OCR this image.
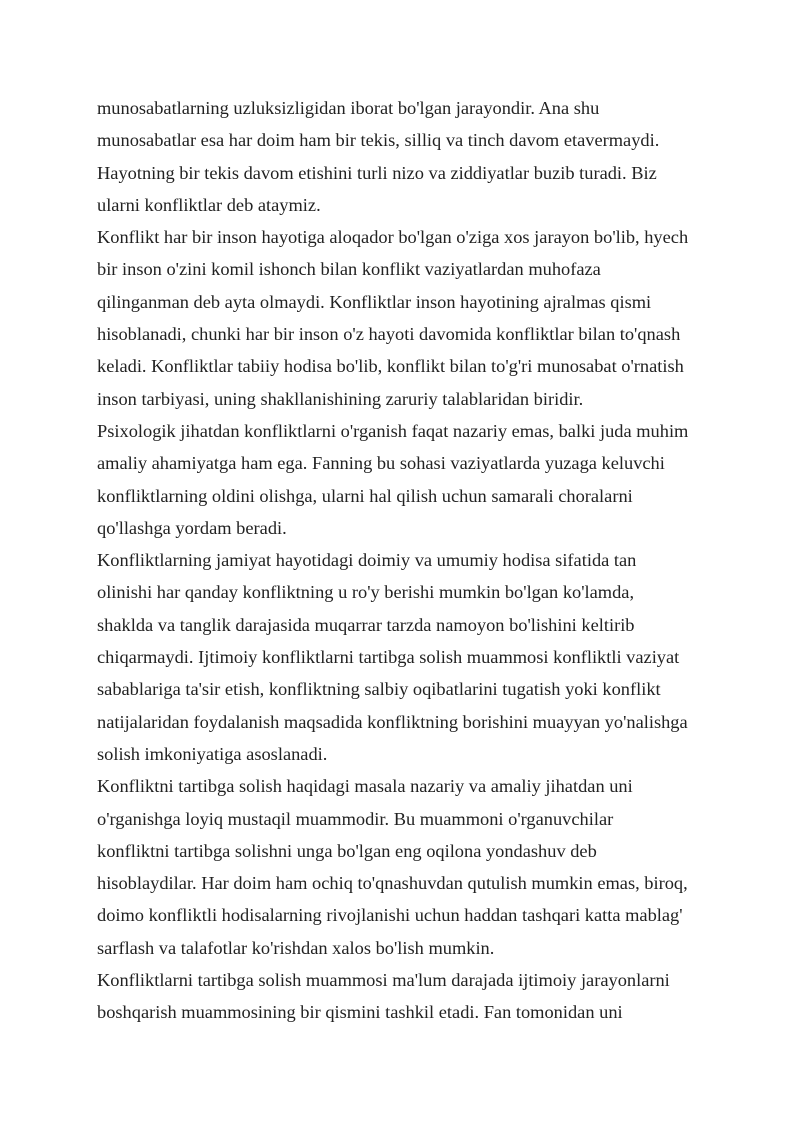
munosabatlarning uzluksizligidan iborat bo'lgan jarayondir. Ana shu
munosabatlar esa har doim ham bir tekis, silliq va tinch davom etavermaydi.
Hayotning bir tekis davom etishini turli nizo va ziddiyatlar buzib turadi. Biz
ularni konfliktlar deb ataymiz.
Konflikt har bir inson hayotiga aloqador bo'lgan o'ziga xos jarayon bo'lib, hyech
bir inson o'zini komil ishonch bilan konflikt vaziyatlardan muhofaza
qilinganman deb ayta olmaydi. Konfliktlar inson hayotining ajralmas qismi
hisoblanadi, chunki har bir inson o'z hayoti davomida konfliktlar bilan to'qnash
keladi. Konfliktlar tabiiy hodisa bo'lib, konflikt bilan to'g'ri munosabat o'rnatish
inson tarbiyasi, uning shakllanishining zaruriy talablaridan biridir.
Psixologik jihatdan konfliktlarni o'rganish faqat nazariy emas, balki juda muhim
amaliy ahamiyatga ham ega. Fanning bu sohasi vaziyatlarda yuzaga keluvchi
konfliktlarning oldini olishga, ularni hal qilish uchun samarali choralarni
qo'llashga yordam beradi.
Konfliktlarning jamiyat hayotidagi doimiy va umumiy hodisa sifatida tan
olinishi har qanday konfliktning u ro'y berishi mumkin bo'lgan ko'lamda,
shaklda va tanglik darajasida muqarrar tarzda namoyon bo'lishini keltirib
chiqarmaydi. Ijtimoiy konfliktlarni tartibga solish muammosi konfliktli vaziyat
sabablariga ta'sir etish, konfliktning salbiy oqibatlarini tugatish yoki konflikt
natijalaridan foydalanish maqsadida konfliktning borishini muayyan yo'nalishga
solish imkoniyatiga asoslanadi.
Konfliktni tartibga solish haqidagi masala nazariy va amaliy jihatdan uni
o'rganishga loyiq mustaqil muammodir. Bu muammoni o'rganuvchilar
konfliktni tartibga solishni unga bo'lgan eng oqilona yondashuv deb
hisoblaydilar. Har doim ham ochiq to'qnashuvdan qutulish mumkin emas, biroq,
doimo konfliktli hodisalarning rivojlanishi uchun haddan tashqari katta mablag'
sarflash va talafotlar ko'rishdan xalos bo'lish mumkin.
Konfliktlarni tartibga solish muammosi ma'lum darajada ijtimoiy jarayonlarni
boshqarish muammosining bir qismini tashkil etadi. Fan tomonidan uni
